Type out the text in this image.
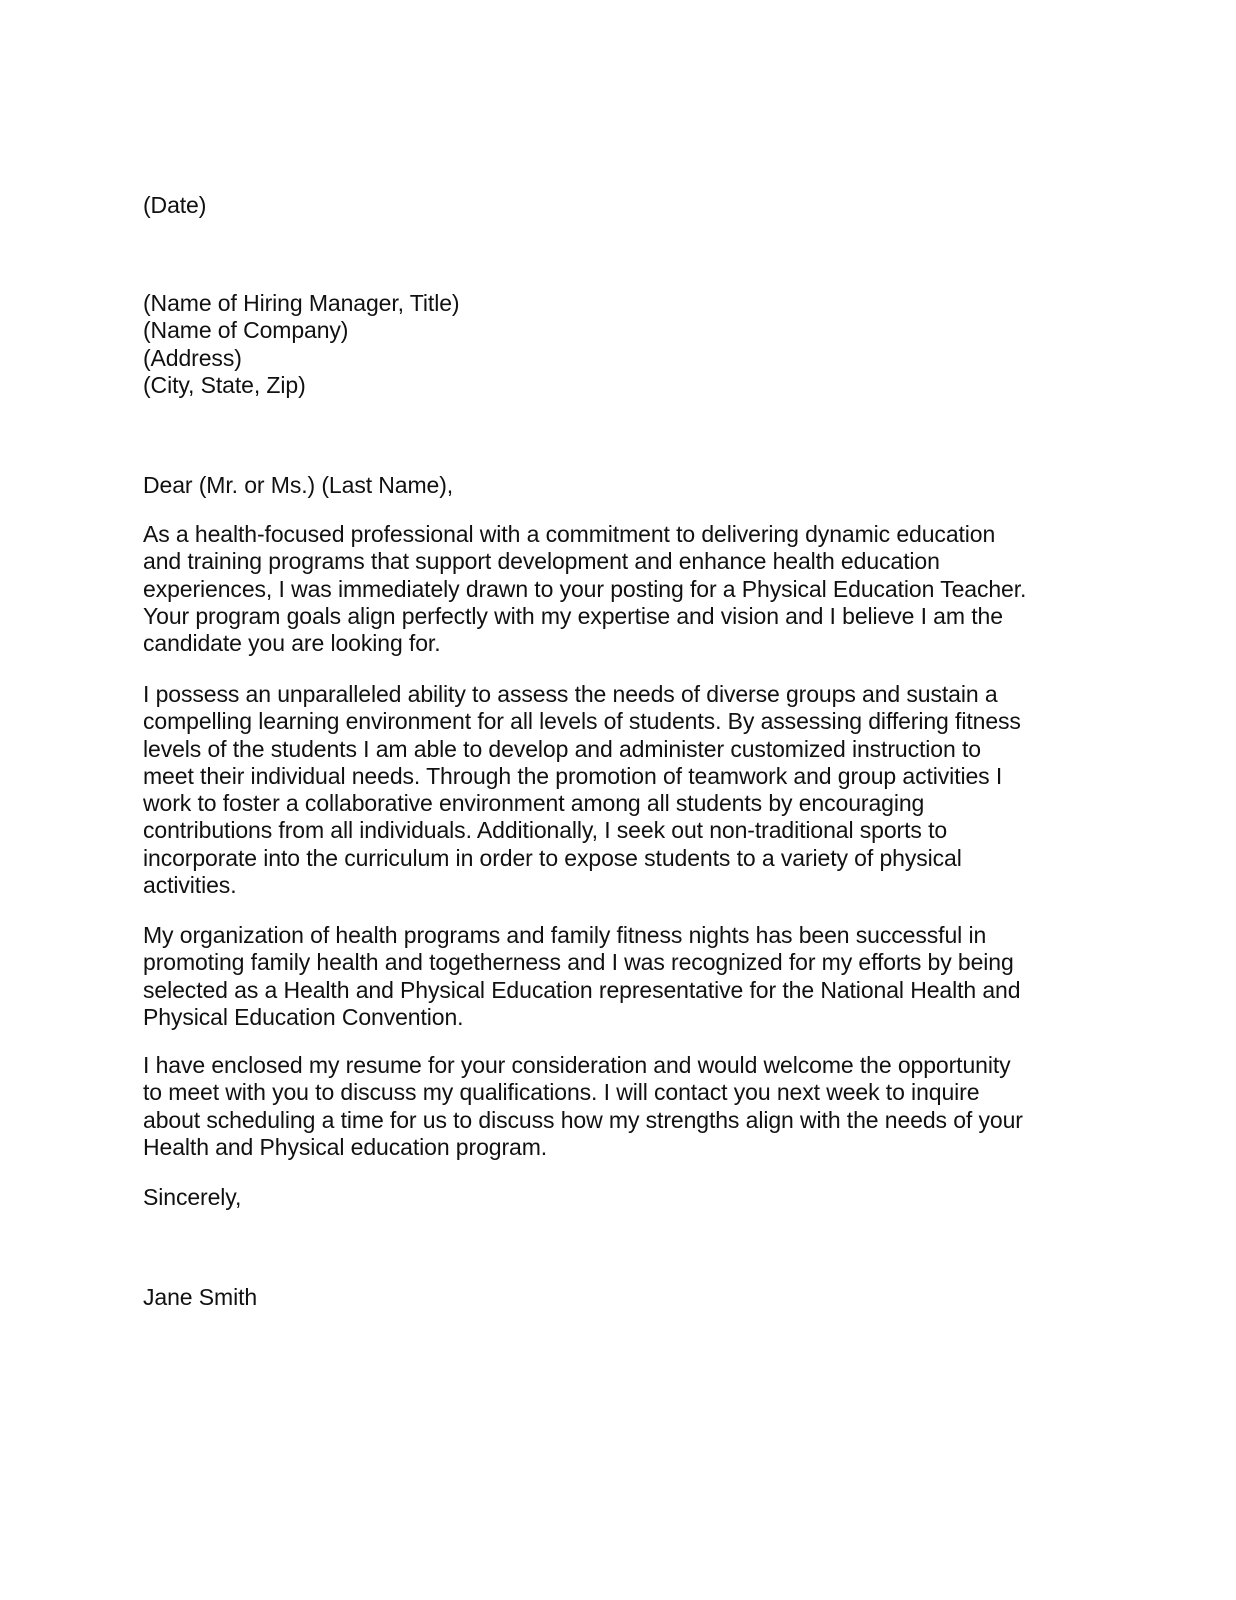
(Date)
(Name of Hiring Manager, Title)
(Name of Company)
(Address)
(City, State, Zip)
Dear (Mr. or Ms.) (Last Name),
As a health-focused professional with a commitment to delivering dynamic education
and training programs that support development and enhance health education
experiences, I was immediately drawn to your posting for a Physical Education Teacher.
Your program goals align perfectly with my expertise and vision and I believe I am the
candidate you are looking for.
I possess an unparalleled ability to assess the needs of diverse groups and sustain a
compelling learning environment for all levels of students. By assessing differing fitness
levels of the students I am able to develop and administer customized instruction to
meet their individual needs. Through the promotion of teamwork and group activities I
work to foster a collaborative environment among all students by encouraging
contributions from all individuals. Additionally, I seek out non-traditional sports to
incorporate into the curriculum in order to expose students to a variety of physical
activities.
My organization of health programs and family fitness nights has been successful in
promoting family health and togetherness and I was recognized for my efforts by being
selected as a Health and Physical Education representative for the National Health and
Physical Education Convention.
I have enclosed my resume for your consideration and would welcome the opportunity
to meet with you to discuss my qualifications. I will contact you next week to inquire
about scheduling a time for us to discuss how my strengths align with the needs of your
Health and Physical education program.
Sincerely,
Jane Smith
